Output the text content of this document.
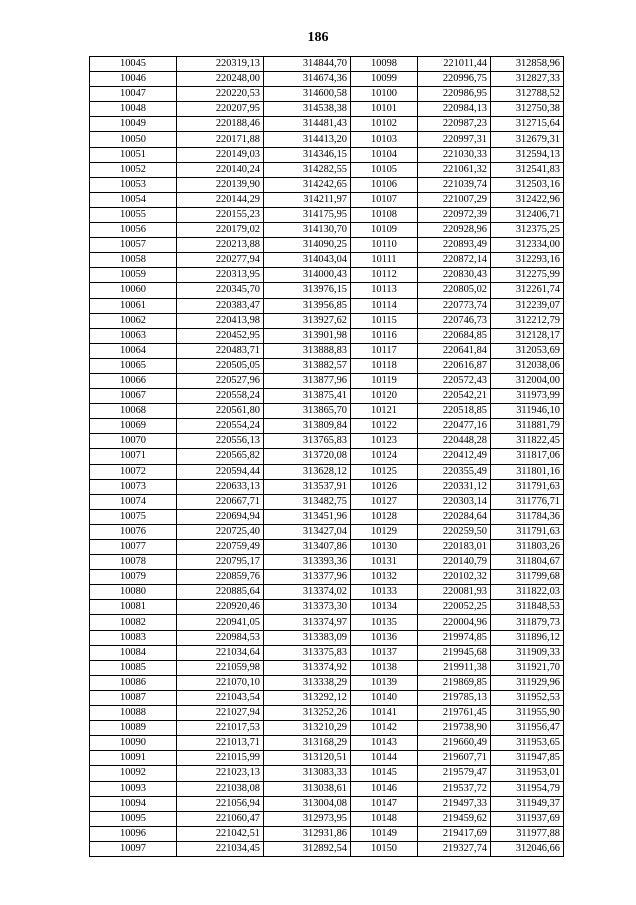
186
10045	220319,13	314844,70	10098	221011,44	312858,96
10046	220248,00	314674,36	10099	220996,75	312827,33
10047	220220,53	314600,58	10100	220986,95	312788,52
10048	220207,95	314538,38	10101	220984,13	312750,38
10049	220188,46	314481,43	10102	220987,23	312715,64
10050	220171,88	314413,20	10103	220997,31	312679,31
10051	220149,03	314346,15	10104	221030,33	312594,13
10052	220140,24	314282,55	10105	221061,32	312541,83
10053	220139,90	314242,65	10106	221039,74	312503,16
10054	220144,29	314211,97	10107	221007,29	312422,96
10055	220155,23	314175,95	10108	220972,39	312406,71
10056	220179,02	314130,70	10109	220928,96	312375,25
10057	220213,88	314090,25	10110	220893,49	312334,00
10058	220277,94	314043,04	10111	220872,14	312293,16
10059	220313,95	314000,43	10112	220830,43	312275,99
10060	220345,70	313976,15	10113	220805,02	312261,74
10061	220383,47	313956,85	10114	220773,74	312239,07
10062	220413,98	313927,62	10115	220746,73	312212,79
10063	220452,95	313901,98	10116	220684,85	312128,17
10064	220483,71	313888,83	10117	220641,84	312053,69
10065	220505,05	313882,57	10118	220616,87	312038,06
10066	220527,96	313877,96	10119	220572,43	312004,00
10067	220558,24	313875,41	10120	220542,21	311973,99
10068	220561,80	313865,70	10121	220518,85	311946,10
10069	220554,24	313809,84	10122	220477,16	311881,79
10070	220556,13	313765,83	10123	220448,28	311822,45
10071	220565,82	313720,08	10124	220412,49	311817,06
10072	220594,44	313628,12	10125	220355,49	311801,16
10073	220633,13	313537,91	10126	220331,12	311791,63
10074	220667,71	313482,75	10127	220303,14	311776,71
10075	220694,94	313451,96	10128	220284,64	311784,36
10076	220725,40	313427,04	10129	220259,50	311791,63
10077	220759,49	313407,86	10130	220183,01	311803,26
10078	220795,17	313393,36	10131	220140,79	311804,67
10079	220859,76	313377,96	10132	220102,32	311799,68
10080	220885,64	313374,02	10133	220081,93	311822,03
10081	220920,46	313373,30	10134	220052,25	311848,53
10082	220941,05	313374,97	10135	220004,96	311879,73
10083	220984,53	313383,09	10136	219974,85	311896,12
10084	221034,64	313375,83	10137	219945,68	311909,33
10085	221059,98	313374,92	10138	219911,38	311921,70
10086	221070,10	313338,29	10139	219869,85	311929,96
10087	221043,54	313292,12	10140	219785,13	311952,53
10088	221027,94	313252,26	10141	219761,45	311955,90
10089	221017,53	313210,29	10142	219738,90	311956,47
10090	221013,71	313168,29	10143	219660,49	311953,65
10091	221015,99	313120,51	10144	219607,71	311947,85
10092	221023,13	313083,33	10145	219579,47	311953,01
10093	221038,08	313038,61	10146	219537,72	311954,79
10094	221056,94	313004,08	10147	219497,33	311949,37
10095	221060,47	312973,95	10148	219459,62	311937,69
10096	221042,51	312931,86	10149	219417,69	311977,88
10097	221034,45	312892,54	10150	219327,74	312046,66
